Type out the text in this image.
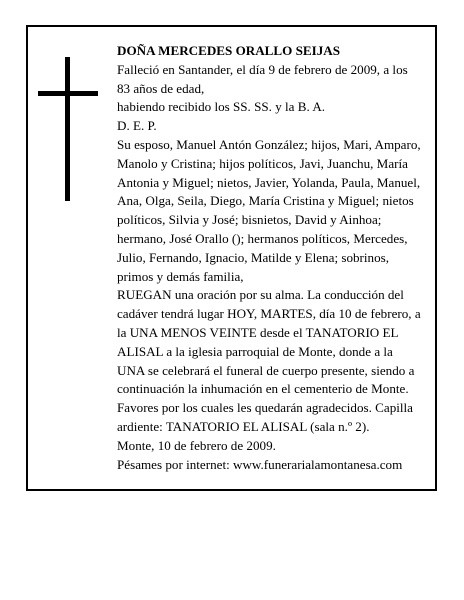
DOÑA MERCEDES ORALLO SEIJAS

Falleció en Santander, el día 9 de febrero de 2009, a los 83 años de edad,

habiendo recibido los SS. SS. y la B. A.

D. E. P.

Su esposo, Manuel Antón González; hijos, Mari, Amparo, Manolo y Cristina; hijos políticos, Javi, Juanchu, María Antonia y Miguel; nietos, Javier, Yolanda, Paula, Manuel, Ana, Olga, Seila, Diego, María Cristina y Miguel; nietos políticos, Silvia y José; bisnietos, David y Ainhoa; hermano, José Orallo (); hermanos políticos, Mercedes, Julio, Fernando, Ignacio, Matilde y Elena; sobrinos, primos y demás familia,

RUEGAN una oración por su alma. La conducción del cadáver tendrá lugar HOY, MARTES, día 10 de febrero, a la UNA MENOS VEINTE desde el TANATORIO EL ALISAL a la iglesia parroquial de Monte, donde a la UNA se celebrará el funeral de cuerpo presente, siendo a continuación la inhumación en el cementerio de Monte. Favores por los cuales les quedarán agradecidos. Capilla ardiente: TANATORIO EL ALISAL (sala n.º 2).

Monte, 10 de febrero de 2009.

Pésames por internet: www.funerarialamontanesa.com
